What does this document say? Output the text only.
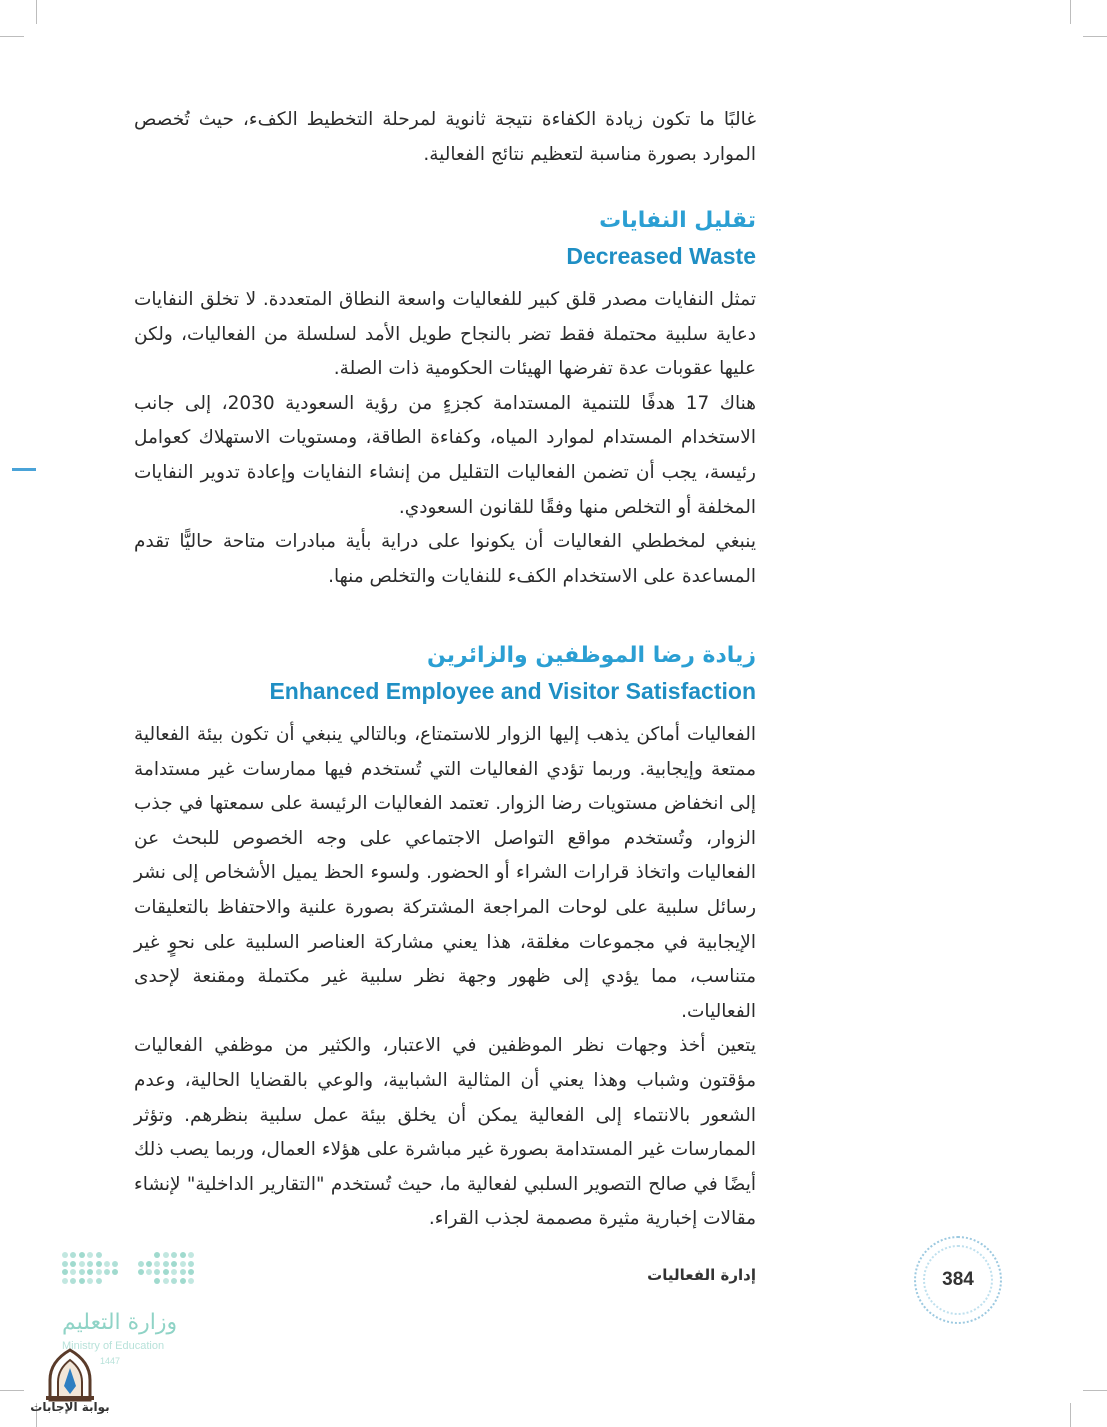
غالبًا ما تكون زيادة الكفاءة نتيجة ثانوية لمرحلة التخطيط الكفء، حيث تُخصص الموارد بصورة مناسبة لتعظيم نتائج الفعالية.

تقليل النفايات
Decreased Waste

تمثل النفايات مصدر قلق كبير للفعاليات واسعة النطاق المتعددة. لا تخلق النفايات دعاية سلبية محتملة فقط تضر بالنجاح طويل الأمد لسلسلة من الفعاليات، ولكن عليها عقوبات عدة تفرضها الهيئات الحكومية ذات الصلة.

هناك 17 هدفًا للتنمية المستدامة كجزءٍ من رؤية السعودية 2030، إلى جانب الاستخدام المستدام لموارد المياه، وكفاءة الطاقة، ومستويات الاستهلاك كعوامل رئيسة، يجب أن تضمن الفعاليات التقليل من إنشاء النفايات وإعادة تدوير النفايات المخلفة أو التخلص منها وفقًا للقانون السعودي.

ينبغي لمخططي الفعاليات أن يكونوا على دراية بأية مبادرات متاحة حاليًّا تقدم المساعدة على الاستخدام الكفء للنفايات والتخلص منها.

زيادة رضا الموظفين والزائرين
Enhanced Employee and Visitor Satisfaction

الفعاليات أماكن يذهب إليها الزوار للاستمتاع، وبالتالي ينبغي أن تكون بيئة الفعالية ممتعة وإيجابية. وربما تؤدي الفعاليات التي تُستخدم فيها ممارسات غير مستدامة إلى انخفاض مستويات رضا الزوار. تعتمد الفعاليات الرئيسة على سمعتها في جذب الزوار، وتُستخدم مواقع التواصل الاجتماعي على وجه الخصوص للبحث عن الفعاليات واتخاذ قرارات الشراء أو الحضور. ولسوء الحظ يميل الأشخاص إلى نشر رسائل سلبية على لوحات المراجعة المشتركة بصورة علنية والاحتفاظ بالتعليقات الإيجابية في مجموعات مغلقة، هذا يعني مشاركة العناصر السلبية على نحوٍ غير متناسب، مما يؤدي إلى ظهور وجهة نظر سلبية غير مكتملة ومقنعة لإحدى الفعاليات.

يتعين أخذ وجهات نظر الموظفين في الاعتبار، والكثير من موظفي الفعاليات مؤقتون وشباب وهذا يعني أن المثالية الشبابية، والوعي بالقضايا الحالية، وعدم الشعور بالانتماء إلى الفعالية يمكن أن يخلق بيئة عمل سلبية بنظرهم. وتؤثر الممارسات غير المستدامة بصورة غير مباشرة على هؤلاء العمال، وربما يصب ذلك أيضًا في صالح التصوير السلبي لفعالية ما، حيث تُستخدم "التقارير الداخلية" لإنشاء مقالات إخبارية مثيرة مصممة لجذب القراء.

إدارة الفعاليات	384
وزارة التعليم
Ministry of Education
1447
بوابة الإجابات
